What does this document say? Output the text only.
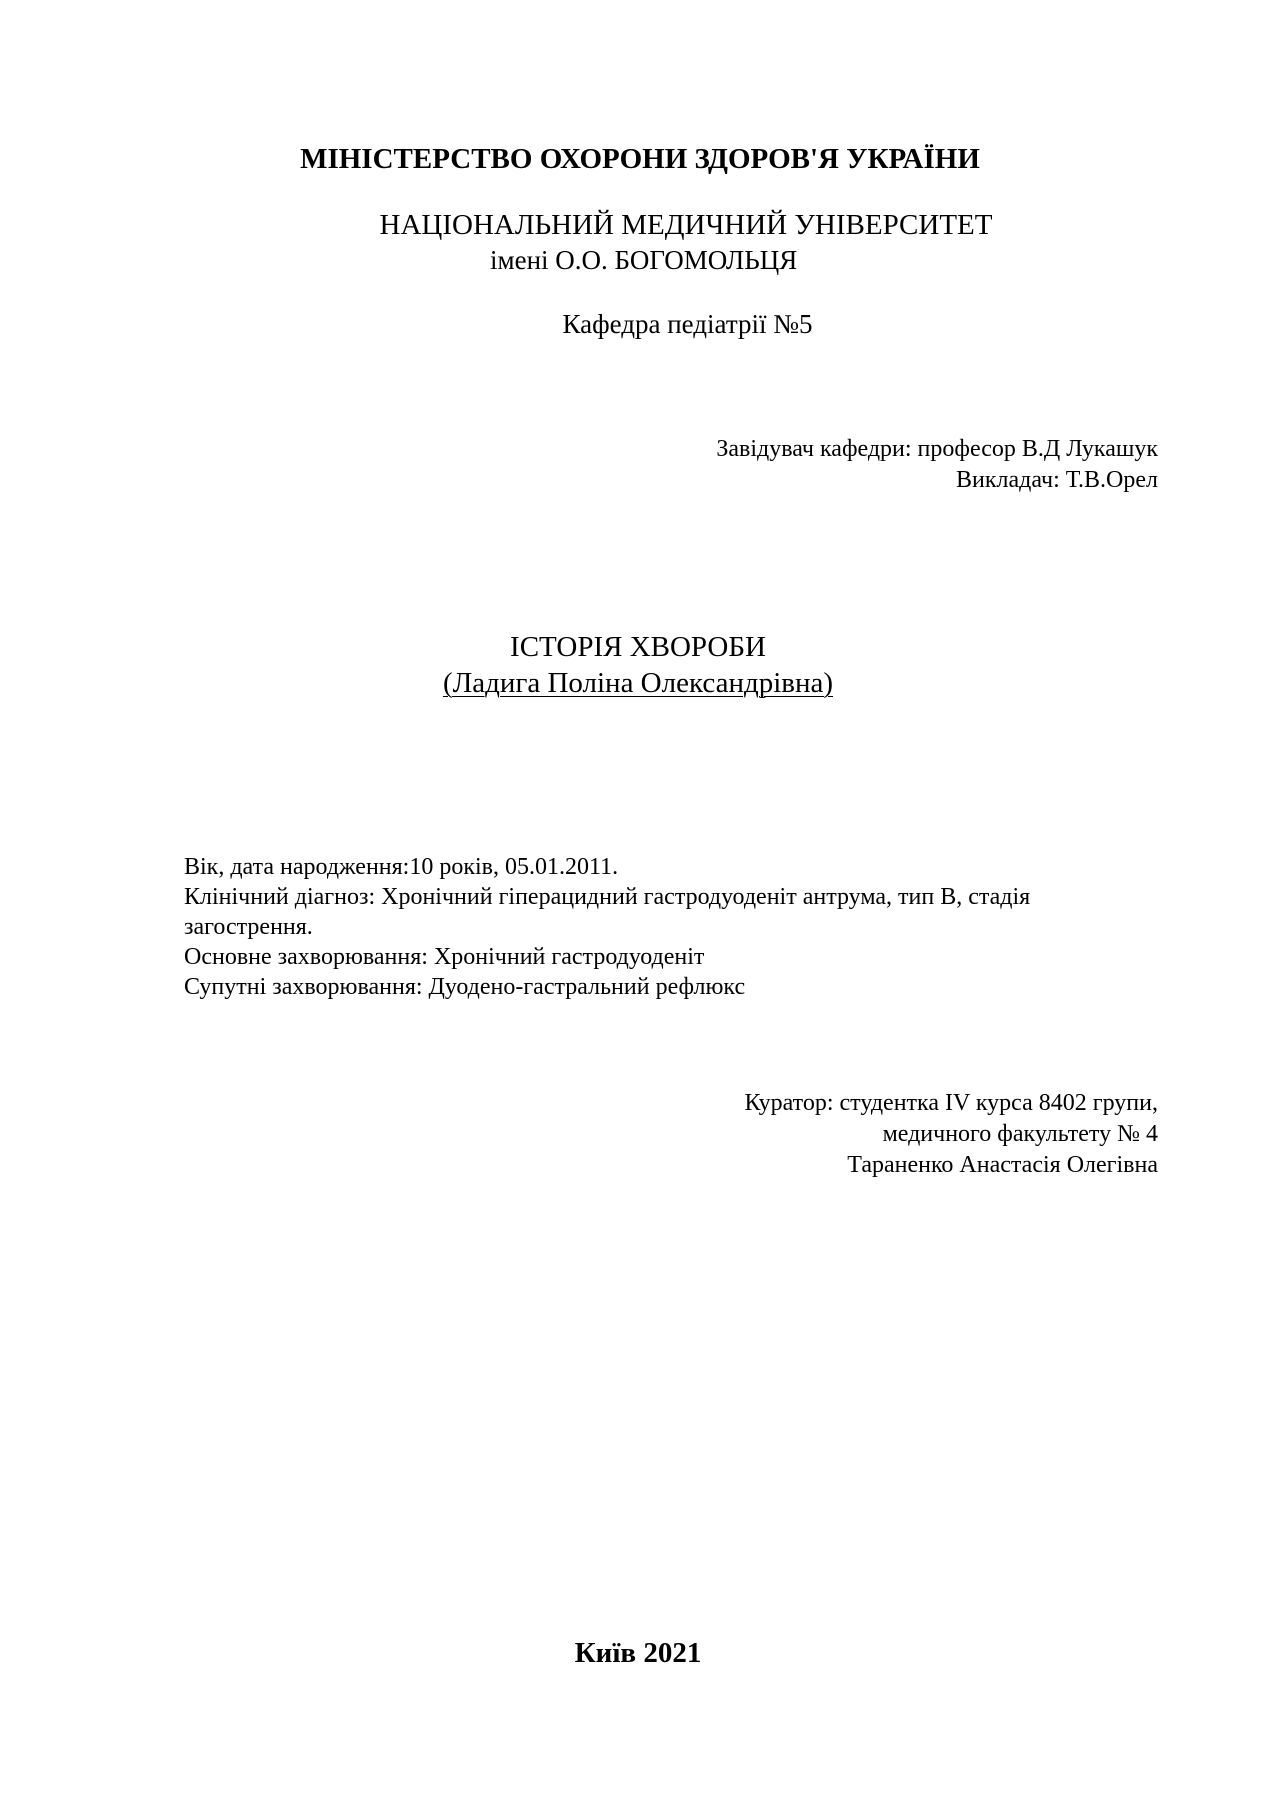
МІНІСТЕРСТВО ОХОРОНИ ЗДОРОВ'Я УКРАЇНИ
НАЦІОНАЛЬНИЙ МЕДИЧНИЙ УНІВЕРСИТЕТ
імені О.О. БОГОМОЛЬЦЯ
Кафедра педіатрії №5
Завідувач кафедри: професор В.Д Лукашук
Викладач: Т.В.Орел
ІСТОРІЯ ХВОРОБИ
(Ладига Поліна Олександрівна)
Вік, дата народження:10 років, 05.01.2011.
Клінічний діагноз: Хронічний гіперацидний гастродуоденіт антрума, тип В, стадія загострення.
Основне захворювання: Хронічний гастродуоденіт
Супутні захворювання: Дуодено-гастральний рефлюкс
Куратор: студентка IV курса 8402 групи,
медичного факультету № 4
Тараненко Анастасія Олегівна
Київ 2021
